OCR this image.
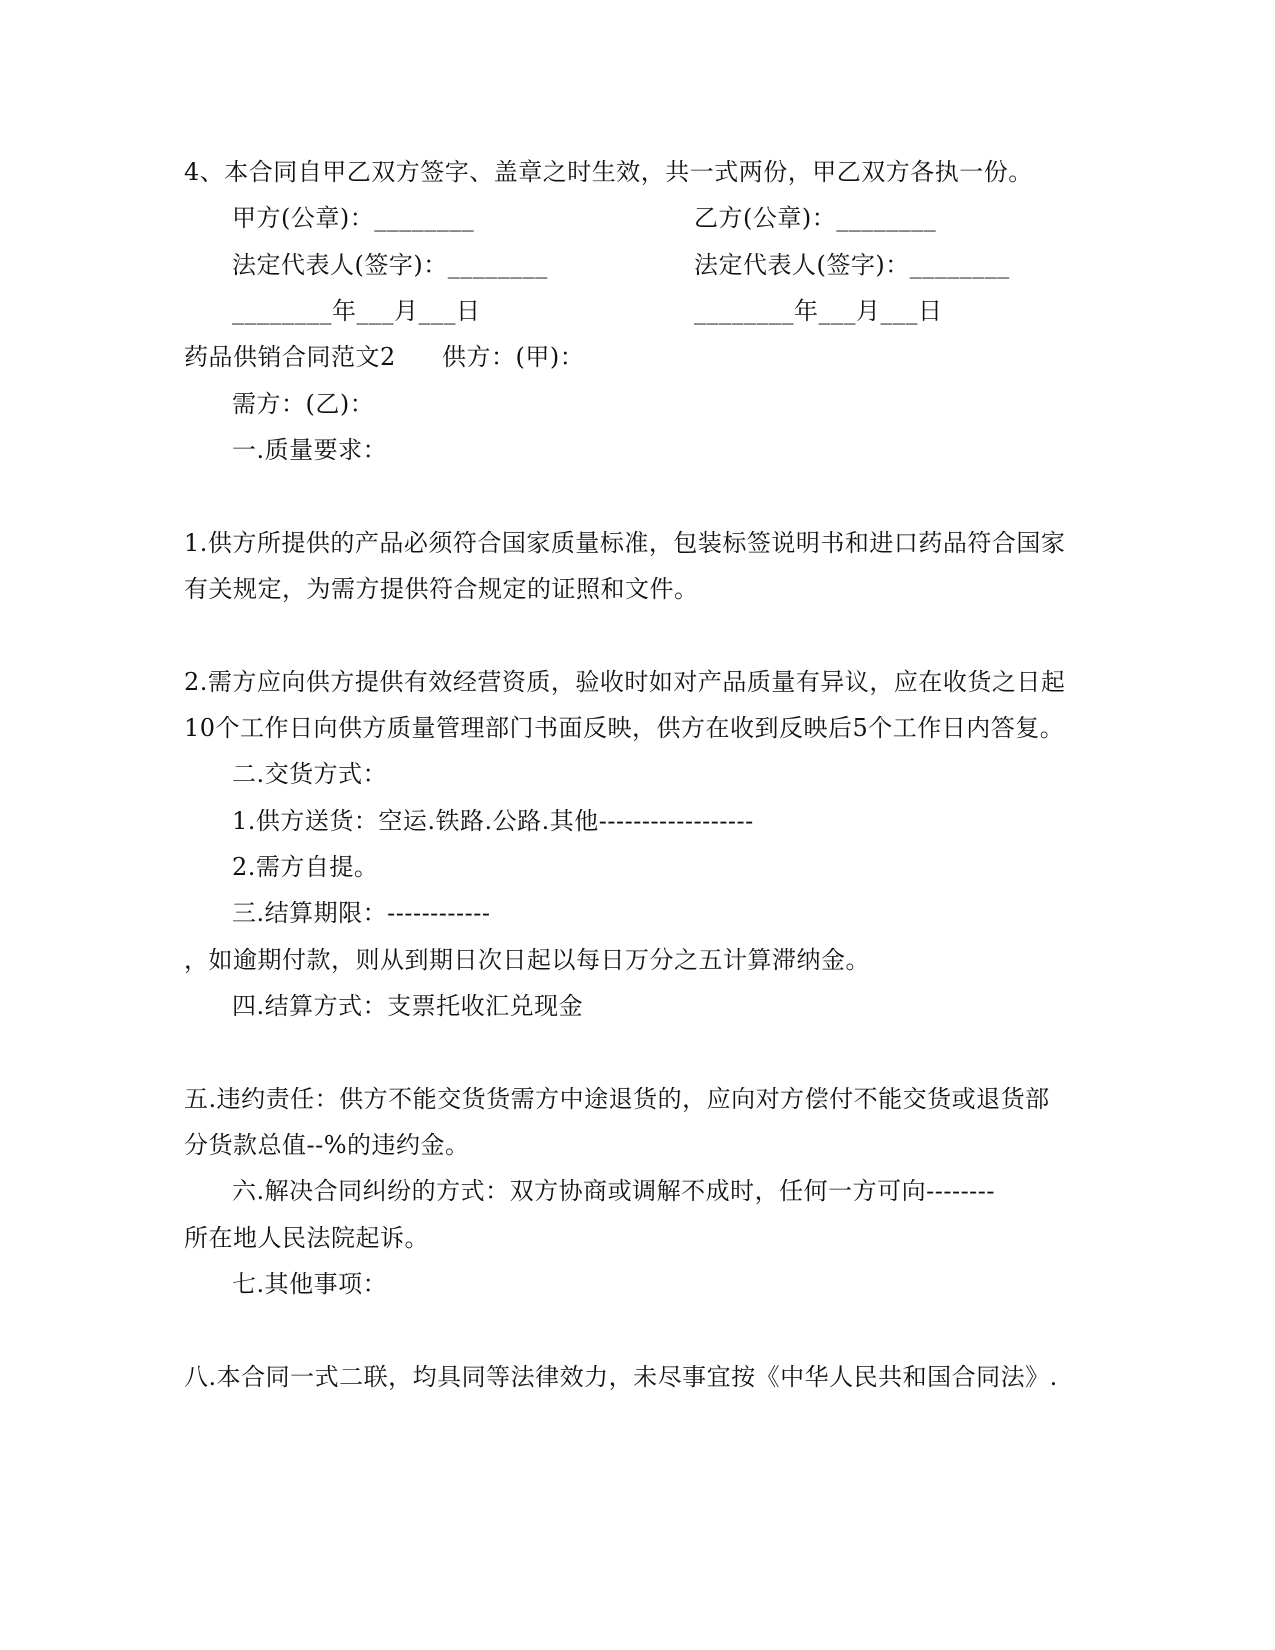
4、本合同自甲乙双方签字、盖章之时生效，共一式两份，甲乙双方各执一份。
甲方(公章)：________	乙方(公章)：________
法定代表人(签字)：________	法定代表人(签字)：________
________年___月___日	________年___月___日
药品供销合同范文2 供方：(甲)：
需方：(乙)：
一.质量要求：
1.供方所提供的产品必须符合国家质量标准，包装标签说明书和进口药品符合国家
有关规定，为需方提供符合规定的证照和文件。
2.需方应向供方提供有效经营资质，验收时如对产品质量有异议，应在收货之日起
10个工作日向供方质量管理部门书面反映，供方在收到反映后5个工作日内答复。
二.交货方式：
1.供方送货：空运.铁路.公路.其他------------------
2.需方自提。
三.结算期限：------------
，如逾期付款，则从到期日次日起以每日万分之五计算滞纳金。
四.结算方式：支票托收汇兑现金
五.违约责任：供方不能交货货需方中途退货的，应向对方偿付不能交货或退货部
分货款总值--%的违约金。
六.解决合同纠纷的方式：双方协商或调解不成时，任何一方可向--------
所在地人民法院起诉。
七.其他事项：
八.本合同一式二联，均具同等法律效力，未尽事宜按《中华人民共和国合同法》.
